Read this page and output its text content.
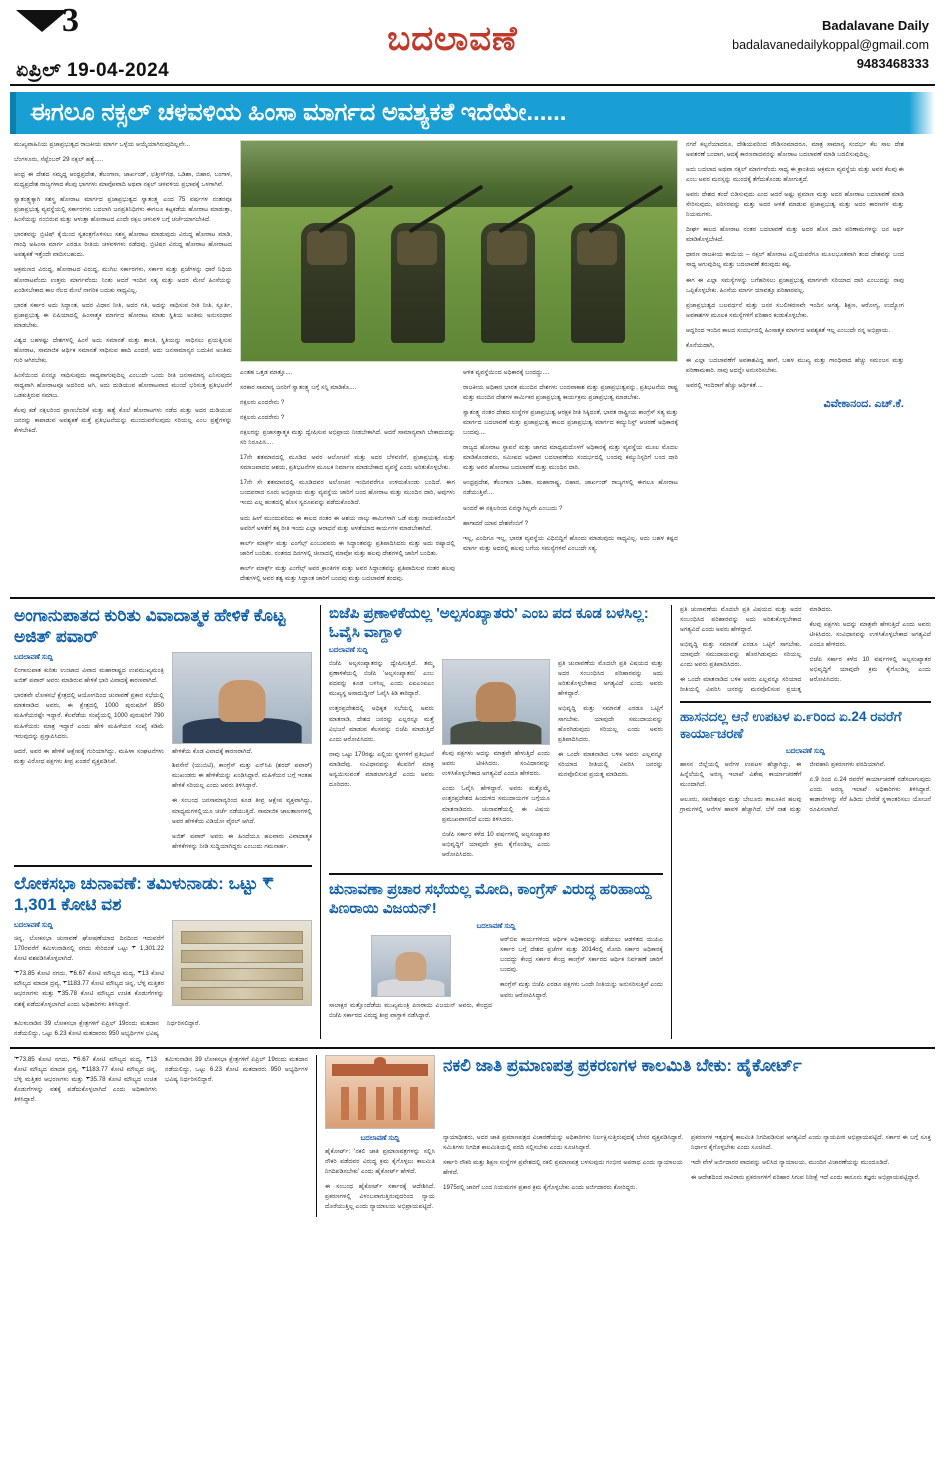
3
ಏಪ್ರಿಲ್ 19-04-2024
ಬದಲಾವಣೆ	Badalavane Daily
badalavanedailykoppal@gmail.com
9483468333
ಈಗಲೂ ನಕ್ಸಲ್ ಚಳವಳಿಯ ಹಿಂಸಾ ಮಾರ್ಗದ ಅವಶ್ಯಕತೆ ಇದೆಯೇ......

ಮುಖ್ಯವಾಹಿನಿಯ ಪ್ರಜಾಪ್ರಭುತ್ವದ ರಾಜಕೀಯ ಮಾರ್ಗ ಒಳ್ಳೆಯ ಆಯ್ಕೆಯಾಗಿರುವುದಿಲ್ಲವೇ...

ಬೆಂಗಳೂರು, ಸೆಪ್ಟೆಂಬರ್ 29 ನಕ್ಸಲ್ ಹತ್ಯೆ.....

ಆಂಧ್ರ ಈ ದೇಶದ ಸಮೃದ್ಧ ಆಂಧ್ರಪ್ರದೇಶ, ತೆಲಂಗಾಣ, ಜಾರ್ಖಂಡ್, ಛತ್ತೀಸ್‌ಗಢ, ಒಡಿಶಾ, ಬಿಹಾರ, ಬಂಗಾಳ, ಮಧ್ಯಪ್ರದೇಶ ರಾಜ್ಯಗಳಾದ ಕೆಲವು ಭಾಗಗಳು ಮಾವೋವಾದಿ ಅಥವಾ ನಕ್ಸಲ್ ಚಳವಳಿಯ ಪ್ರಭಾವಕ್ಕೆ ಒಳಗಾಗಿವೆ.

ಸ್ವಾತಂತ್ರ್ಯಕ್ಕಾಗಿ ಸಶಸ್ತ್ರ ಹೋರಾಟ ಮಾರ್ಗದ ಪ್ರಜಾಪ್ರಭುತ್ವದ ಸ್ವಾತಂತ್ರ್ಯ ಎಂದ 75 ವರ್ಷಗಳ ನಂತರವೂ ಪ್ರಜಾಪ್ರಭುತ್ವ ವ್ಯವಸ್ಥೆಯಲ್ಲಿ ಸರ್ಕಾರಗಳು ಬದಲಾಗಿ ಜನಪ್ರತಿನಿಧಿಗಳು ಈಗಲೂ ಕಟ್ಟಕಡೆಯ ಹೋರಾಟ ಮಾಡುತ್ತಾ, ಹಿಂಸೆಯನ್ನು ನಂಬಿರುವ ಮತ್ತು ಆಳುತ್ತಾ ಹೋರಾಟದ ಎಂದೇ ನಕ್ಸಲ ಚಳುವಳಿ ಬಗ್ಗೆ ಚರ್ಚೆಯಾಗಬೇಕಿದೆ.

ಭಾರತವನ್ನು ಬ್ರಿಟಿಷ್ ಕೈಯಿಂದ ಸ್ವತಂತ್ರಗೊಳಿಸಲು ಸಶಸ್ತ್ರ ಹೋರಾಟ ಮಾಡುವುದು ವಿರುದ್ಧ ಹೋರಾಟ ಮಾಡಿ, ಗಾಂಧಿ ಅಹಿಂಸಾ ಮಾರ್ಗ ಎರಡೂ ರೀತಿಯ ಚಳವಳಿಗಳು ನಡೆದವು. ಬ್ರಿಟಿಷರ ವಿರುದ್ಧ ಹೋರಾಟ ಹೋರಾಟದ ಅವಶ್ಯಕತೆ ಇತ್ತೆಂದೇ ವಾದಿಸಬಹುದು.

ಆಕ್ರಮಣದ ವಿರುದ್ಧ, ಹೋರಾಟದ ವಿರುದ್ಧ, ಮುಗಿಲ ಸರ್ಕಾರಗಳು, ಸರ್ಕಾರ ಮತ್ತು ಪ್ರಜೆಗಳನ್ನು ಧಾರೆ ನಿಧಿಯ ಹೋರಾಟವೆಂದು ಉತ್ತಮ ಮಾರ್ಗವೆಂದು ನಿಂತು ಆದರೆ ಇಂದಿನ ಸತ್ಯ ಮತ್ತು ಅದರ ಮೇಲೆ ಹಿಂಸೆಯನ್ನು ಖಂಡಿಸಬೇಕಾದ ಕಾಲ ನೆಲದ ಮೇಲೆ ನಾಗರಿಕ ಬದುಕು ಸಾಧ್ಯವಿಲ್ಲ.

ಭಾರತ ಸರ್ಕಾರ ಅದು ಸಿದ್ಧಾಂತ, ಅದರ ವಿಧಾನ ನೀತಿ, ಅದರ ಗತಿ, ಅದನ್ನು ಸಾಧಿಸುವ ರೀತಿ ನೀತಿ, ಸ್ಫೂರ್ತಿ, ಪ್ರಜಾಪ್ರಭುತ್ವ ಈ ಏಷಿಯಾದಲ್ಲಿ ಹಿಂಸಾತ್ಮಕ ಮಾರ್ಗದ ಹೋರಾಟ ಮಾತು ಸ್ಥಿತಿಯ ಅಂತಿಮ ಅನುಸಂಧಾನ ಮಾಡಬೇಕು.

ವಿಶ್ವದ ಬಹಳಷ್ಟು ದೇಶಗಳಲ್ಲಿ ಹಿಂಸೆ ಅದು ಸಮಾನತೆ ಮತ್ತು ಶಾಂತಿ, ಸ್ಥಿತಿಯನ್ನು ಸಾಧಿಸಲು ಪ್ರಯತ್ನಿಸುವ ಹೋರಾಟ, ಸಾಮಾಜಿಕ ಆರ್ಥಿಕ ಸಮಾನತೆ ಸಾಧಿಸುವ ಹಾದಿ ಎಂದರೆ, ಅದು ಜನಸಾಮಾನ್ಯರ ಬದುಕಿನ ಅಂತಿಮ ಗುರಿ ಆಗಿರಬೇಕು.

ಹಿಂಸೆಯಿಂದ ಏನನ್ನೂ ಸಾಧಿಸುವುದು ಸಾಧ್ಯವಾಗುವುದಿಲ್ಲ ಎಂಬುದೇ ಒಂದು ರೀತಿ ಜನಸಾಮಾನ್ಯ ಎನಿಸುವುದು ಸಾಧ್ಯವಾಗಿ ಹೋರಾಟವೂ ಅದರಿಂದ ಆಗಿ, ಅದು ದುಡಿಯುವ ಹೋರಾಟವಾದ ಮುಂದೆ ಭರಿಸುತ್ತ ಪ್ರತಿಭಟನೆಗೆ ಒಡಕುತ್ತಿರುವ ಸಮಾಜ.

ಕೆಲವು ಕಡೆ ನಕ್ಸಲರಿಂದ ಪ್ರಾಣಬೆದರಿಕೆ ಮತ್ತು ಹತ್ಯೆ ಕೊಲೆ ಹೋರಾಟಗಳು ನಡೆದ ಮತ್ತು ಅದರ ದುಡಿಯುವ ಜನರನ್ನು ಕಾಪಾಡುವ ಅವಶ್ಯಕತೆ ಮತ್ತೆ ಪ್ರತಿಭಟನೆಯನ್ನು ಮುಂದುವರೆಸುವುದು ಸರಿಯಲ್ಲ ಎಂಬ ಪ್ರಶ್ನೆಗಳನ್ನು ಕೇಳಬೇಕಿದೆ.

ಎಂತಹ ಒತ್ತಡ ಮಾತ್ತೂ....

ಸರಕಾರ ಸಾಮಾನ್ಯ ಜನರಿಗೆ ಸ್ವಾತಂತ್ರ್ಯ ಬಗ್ಗೆ ಸನ್ನಿ ಮಾಡಿಕೊ....

ನಕ್ಸಲರು ಎಂದರೇನು ?

ನಕ್ಸಲರು ಎಂದರೇನು ?

ನಕ್ಸಲರನ್ನು ಪ್ರಜಾಸತ್ತಾತ್ಮಕ ಮತ್ತು ದ್ವೇಷಿಸುವ ಅಭಿಪ್ರಾಯ ನೀಡಬೇಕಾಗಿದೆ. ಆದರೆ ಸಾಮಾನ್ಯವಾಗಿ ಬೇಕಾದುದನ್ನು ಸರಿ ನಿರೂಪಿಸಿ....

17ನೇ ಶತಮಾನದಲ್ಲಿ ಮೂಡಿದ ಅವರ ಆಲೋಚನೆ ಮತ್ತು ಅದರ ಬೆಳವಣಿಗೆ, ಪ್ರಜಾಪ್ರಭುತ್ವ ಮತ್ತು ಸಮಾಜವಾದದ ಆಶಯ, ಪ್ರತಿಭಟನೆಗಳ ಮೂಲಕ ನಿರ್ಮಾಣ ಮಾಡಬೇಕಾದ ವ್ಯವಸ್ಥೆ ಎಂದು ಅರಿತುಕೊಳ್ಳಬೇಕು.

17ನೇ ಸೇ ಶತಮಾನದಲ್ಲಿ ಮೂಡಿದವರ ಅಲೋಚನ ಇಂದಿನವರೆಗೂ ಉಳಿದುಕೊಂಡು ಬಂದಿದೆ. ಈಗ ಬಂದವರಾದ ನೂರು ಅಭಿಪ್ರಾಯ ಮತ್ತು ವ್ಯವಸ್ಥೆಯ ಜಾರಿಗೆ ಬಂದ ಹೋರಾಟ ಮತ್ತು ಮುಂದಿನ ದಾರಿ, ಅವುಗಳು ಇಂದು ಎಲ್ಲ ಹಂತದಲ್ಲಿ ಹೊಸ ಸ್ವರೂಪವನ್ನು ಪಡೆದುಕೊಂಡಿದೆ.

ಅದು ಹೀಗೆ ಮುಂದುವರಿದು ಈ ಕಾಲದ ನಂತರ ಈ ಆಶಯ ನಾಲ್ಕು ಕಾಮಿಗಳಾಗಿ ಒಡೆ ಮತ್ತು ನಾಯಕರೊಂದಿಗೆ ಅವರಿಗೆ ಅಳತೆಗೆ ತಕ್ಕ ರೀತಿ ಇಂದು ಎಲ್ಲಾ ಆರಾಧನೆ ಮತ್ತು ಅಳತೆಯಾದ ಕಾರ್ಯಗಳ ಮಾಡಬೇಕಾಗಿದೆ.

ಕಾರ್ಲ್ ಮಾರ್ಕ್ಸ್ ಮತ್ತು ಎಂಗೆಲ್ಸ್ ಎಂಬುವವರು ಈ ಸಿದ್ಧಾಂತವನ್ನು ಪ್ರತಿಪಾದಿಸಿದರು ಮತ್ತು ಅದು ರಷ್ಯಾದಲ್ಲಿ ಜಾರಿಗೆ ಬಂದಿತು. ನಂತರದ ದಿನಗಳಲ್ಲಿ ಚೀನಾದಲ್ಲಿ ಮಾವೋ ಮತ್ತು ಹಲವು ದೇಶಗಳಲ್ಲಿ ಜಾರಿಗೆ ಬಂದಿತು.

ಕಾರ್ಲ್ ಮಾರ್ಕ್ಸ್ ಮತ್ತು ಎಂಗೆಲ್ಸ್ ಅವರ ಕ್ರಾಂತಿಗಳ ಮತ್ತು ಅವರ ಸಿದ್ಧಾಂತವನ್ನು ಪ್ರತಿಪಾದಿಸುವ ನಂತರ ಹಲವು ದೇಶಗಳಲ್ಲಿ ಅವರ ತತ್ವ ಮತ್ತು ಸಿದ್ಧಾಂತ ಜಾರಿಗೆ ಬಂದವು ಮತ್ತು ಬದಲಾವಣೆ ತಂದವು.

ಆಳಿತ ವ್ಯವಸ್ಥೆಯಿಂದ ಅಧಿಕಾರಕ್ಕೆ ಬಂದದ್ದು....

ರಾಜಕೀಯ ಅಧಿಕಾರ ಭಾರತ ಮುಂದಿನ ದೇಶಗಳು ಬಂದವಾಕಾಶ ಮತ್ತು ಪ್ರಜಾಪ್ರಭುತ್ವವನ್ನು, ಪ್ರತಿಭಟನೆಯ ರಾಷ್ಟ್ರ ಮತ್ತು ಮುಂದಿನ ದೇಶಗಳ ಕಾರ್ಮಿಕರ ಪ್ರಜಾಪ್ರಭುತ್ವ ಕಾರ್ಯಕ್ರಮ ಪ್ರಜಾಪ್ರಭುತ್ವ ಮಾಡಬೇಕು.

ಸ್ವಾತಂತ್ರ್ಯ ನಂತರ ದೇಶದ ಸಂಸ್ಥೆಗಳ ಪ್ರಜಾಪ್ರಭುತ್ವ ಆರಕ್ಷಕ ರೀತಿ ಸಿಕ್ಕಿದಂತೆ, ಭಾರತ ರಾಷ್ಟ್ರೀಯ ಕಾಂಗ್ರೆಸ್ ಸತ್ಯ ಮತ್ತು ಮಾರ್ಗದ ಬದಲಾವಣೆ ಮತ್ತು ಪ್ರಜಾಪ್ರಭುತ್ವ ಕಾಲದ ಪ್ರಜಾಪ್ರಭುತ್ವ ಮಾರ್ಗದ ಕಮ್ಯುನಿಸ್ಟ್ ಆಚರಣೆ ಅಧಿಕಾರಕ್ಕೆ ಬಂದವು....

ರಾಜ್ಯದ ಹೋರಾಟ ಸ್ಥಾಪನೆ ಮತ್ತು ಜಾಗದ ಮಾಧ್ಯಮದೊಳಗೆ ಅಧಿಕಾರಕ್ಕೆ ಮತ್ತು ವ್ಯವಸ್ಥೆಯ ಮೂಲ ಮೊದಲ ಮಾಡಿಕೊಂಡವರು, ಸಮೀಪದ ಅಧಿಕಾರ ಬದಲಾವಣೆಯ ಸಂದರ್ಭದಲ್ಲಿ ಬಂದವು ಕಮ್ಯುನಿಸ್ಟರಿಗೆ ಬಂದ ದಾರಿ ಮತ್ತು ಅವರ ಹೋರಾಟ ಬದಲಾವಣೆ ಮತ್ತು ಮುಂದಿನ ದಾರಿ.

ಆಂಧ್ರಪ್ರದೇಶ, ತೆಲಂಗಾಣ ಒಡಿಶಾ, ಮಹಾರಾಷ್ಟ್ರ, ಬಿಹಾರ, ಜಾರ್ಖಂಡ್ ರಾಜ್ಯಗಳಲ್ಲಿ ಈಗಲೂ ಹೋರಾಟ ನಡೆಯುತ್ತಿವೆ....

ಅಂದರೆ ಈ ನಕ್ಸಲರಿಂದ ಏನನ್ನಾಗಿಲ್ಲವೇ ಎಂಬುದು ?

ಹಾಗಾದರೆ ಯಾವ ದೇಶವೆಂಬಿಗೆ ?

ಇಲ್ಲ, ಎಂದಿಗೂ ಇಲ್ಲ, ಭಾರತ ವ್ಯವಸ್ಥೆಯ ವಿಧಿಬಿದ್ದಿಗೆ ಹೊಂದು ಮಾಡುವುದು ಸಾಧ್ಯವಿಲ್ಲ. ಅದು ಬಹಳ ಕಷ್ಟದ ಮಾರ್ಗ ಮತ್ತು ಅದರಲ್ಲಿ ಹಲವು ಬಗೆಯ ಸಮಸ್ಯೆಗಳಿವೆ ಎಂಬುದೇ ಸತ್ಯ.

ನಗರೆ ಕಲ್ಪನೆಯಾದರೂ, ದೇಶಿಯವರಿಂದ ರೌಡಿಸಂಮಾದರೂ, ಮಾತ್ರ ಸಾಮಾನ್ಯ ಸಂದರ್ಭ ಕೆಲ ಸಾಲ ದೇಶ ಅವತರಣೆ ಬಂದಾಗ, ಆದಕ್ಕೆ ಕಾರಣರಾದವರನ್ನು ಹೋರಾಟ ಬದಲಾವಣೆ ಮಾಡಿ ಬದಲಿಸುವುದಿಲ್ಲ.

ಅದು ಬದಲಾದ ಅಥವಾ ನಕ್ಸಲ್ ಮಾರ್ಗವೆಂದು ಸಾಧ್ಯ ಈ ಕ್ರಾಂತಿಯ ಆಕ್ರಮಣ ವ್ಯವಸ್ಥೆಯ ಮತ್ತು ಅವರ ಕೆಲವು ಈ ಎಂಬ ಅವರ ಮನಸ್ಸನ್ನು ಮುಂದಕ್ಕೆ ತೆಗೆದುಕೊಂಡು ಹೋಗುತ್ತದೆ.

ಅವರು ದೇಶದ ತಂದೆ ಬಿಡಿಸುವುದು ಎಂದ ಆದರೆ ಅಷ್ಟು ಪ್ರಮಾಣ ಮತ್ತು ಅದರ ಹೋರಾಟ ಬದಲಾವಣೆ ಮಾಡಿ ಸೇರಿಸುವುದು, ಪರಿಸರವನ್ನು ಮತ್ತು ಅದರ ಆಳತೆ ಮಾಡುವ ಪ್ರಜಾಪ್ರಭುತ್ವ ಮತ್ತು ಅದರ ಕಾರಣಗಳ ಮತ್ತು ನಿಯಮಗಳು.

ದೀರ್ಘ ಕಾಲದ ಹೋರಾಟ ನಂತರ ಬದಲಾವಣೆ ಮತ್ತು ಅದರ ಹೊಸ ದಾರಿ ಪರಿಣಾಮಗಳನ್ನು ಜನ ಅರ್ಥ ಮಾಡಿಕೊಳ್ಳಬೇಕಿದೆ.

ಧಾರಣ ರಾಜಕೀಯ ಕಾಯಿಯ – ನಕ್ಸಲ್ ಹೋರಾಟ ಎಲ್ಲಿಯವರೆಗೂ ಮೂಲಭೂತವಾಗಿ ತಂದ ದೇಶವನ್ನು ಬಂದ ಸಾಧ್ಯ ಆಗುವುದಿಲ್ಲ ಮತ್ತು ಬದಲಾವಣೆ ತರುವುದು ಕಷ್ಟ.

ಈಗ ಈ ಎಲ್ಲಾ ಸಮಸ್ಯೆಗಳನ್ನು ಬಗೆಹರಿಸಲು ಪ್ರಜಾಪ್ರಭುತ್ವ ಮಾರ್ಗವೇ ಸರಿಯಾದ ದಾರಿ ಎಂಬುದನ್ನು ನಾವು ಒಪ್ಪಿಕೊಳ್ಳಬೇಕು. ಹಿಂಸೆಯ ಮಾರ್ಗ ಯಾವತ್ತೂ ಪರಿಹಾರವಲ್ಲ.

ಪ್ರಜಾಪ್ರಭುತ್ವದ ಬಲವರ್ಧನೆ ಮತ್ತು ಜನರ ಸಬಲೀಕರಣವೇ ಇಂದಿನ ಅಗತ್ಯ. ಶಿಕ್ಷಣ, ಆರೋಗ್ಯ, ಉದ್ಯೋಗ ಅವಕಾಶಗಳ ಮೂಲಕ ಸಮಸ್ಯೆಗಳಿಗೆ ಪರಿಹಾರ ಕಂಡುಕೊಳ್ಳಬೇಕು.

ಆದ್ದರಿಂದ ಇಂದಿನ ಕಾಲದ ಸಂದರ್ಭದಲ್ಲಿ ಹಿಂಸಾತ್ಮಕ ಮಾರ್ಗದ ಅವಶ್ಯಕತೆ ಇಲ್ಲ ಎಂಬುದೇ ನನ್ನ ಅಭಿಪ್ರಾಯ.

ಕೊನೆಯದಾಗಿ,

ಈ ಎಲ್ಲಾ ಬದಲಾವಣೆಗೆ ಅವಕಾಶವಿದ್ದ ಹಾಗೆ, ಬಹಳ ಮುಖ್ಯ ಮತ್ತು ಗಾಂಧಿವಾದ ಹೆಚ್ಚು ಸಮಂಜಸ ಮತ್ತು ಪರಿಣಾಮಕಾರಿ. ನಾವು ಅದನ್ನೇ ಅನುಸರಿಸಬೇಕು.

ಅವರಲ್ಲಿ ಇಂದಿರಾಗೆ ಹೆಚ್ಚು ಆರ್ಥಿಕತೆ....

ವಿವೇಕಾನಂದ. ಎಚ್.ಕೆ.
ಅಂಗಾನುಪಾತದ ಕುರಿತು ವಿವಾದಾತ್ಮಕ ಹೇಳಿಕೆ ಕೊಟ್ಟ ಅಜಿತ್ ಪವಾರ್
ಬದಲಾವಣೆ ಸುದ್ದಿ

ಲಿಂಗಾನುಪಾತ ಕುರಿತು ಉಂಟಾದ ವಿವಾದ ಮಹಾರಾಷ್ಟ್ರದ ಉಪಮುಖ್ಯಮಂತ್ರಿ ಅಜಿತ್ ಪವಾರ್ ಅವರು ಮಾಡಿರುವ ಹೇಳಿಕೆ ಭಾರಿ ವಿವಾದಕ್ಕೆ ಕಾರಣವಾಗಿದೆ.

ಭಾರತವೇ ಲೋಕಸಭೆ ಕ್ಷೇತ್ರದಲ್ಲಿ ಆಯೋಗದಿಂದ ಚುನಾವಣೆ ಪ್ರಕಾರ ಸಭೆಯಲ್ಲಿ ಮಾತನಾಡಿದ ಅವರು, ಈ ಕ್ಷೇತ್ರದಲ್ಲಿ 1000 ಪುರುಷರಿಗೆ 850 ಮಹಿಳೆಯರಷ್ಟೇ ಇದ್ದಾರೆ. ಕೆಲವೆಡೆಯ ಸಂಖ್ಯೆಯಲ್ಲಿ 1000 ಪುರುಷರಿಗೆ 790 ಮಹಿಳೆಯರು ಮಾತ್ರ ಇದ್ದಾರೆ ಎಂದು ಹೇಳಿ ಮಹಿಳೆಯರ ಸಂಖ್ಯೆ ಕಡಿಮೆ ಇರುವುದನ್ನು ಪ್ರಸ್ತಾಪಿಸಿದರು.

ಆದರೆ, ಅವರ ಈ ಹೇಳಿಕೆ ಆಕ್ಷೇಪಕ್ಕೆ ಗುರಿಯಾಗಿದ್ದು, ಮಹಿಳಾ ಸಂಘಟನೆಗಳು ಮತ್ತು ವಿರೋಧ ಪಕ್ಷಗಳು ತೀವ್ರ ಖಂಡನೆ ವ್ಯಕ್ತಪಡಿಸಿವೆ.

ಹೇಳಿಕೆಯ ಕೊಡ ವಿವಾದಕ್ಕೆ ಕಾರಣರಾಗಿದೆ.

ಶಿವಸೇನೆ (ಯುಬಿಟಿ), ಕಾಂಗ್ರೆಸ್ ಮತ್ತು ಎನ್‌ಸಿಪಿ (ಶರದ್ ಪವಾರ್) ಮುಖಂಡರು ಈ ಹೇಳಿಕೆಯನ್ನು ಖಂಡಿಸಿದ್ದಾರೆ. ಮಹಿಳೆಯರ ಬಗ್ಗೆ ಇಂತಹ ಹೇಳಿಕೆ ಸರಿಯಲ್ಲ ಎಂದು ಅವರು ತಿಳಿಸಿದ್ದಾರೆ.

ಈ ಸಂಬಂಧ ಜನಸಾಮಾನ್ಯರಿಂದ ಕೂಡ ತೀವ್ರ ಆಕ್ಷೇಪ ವ್ಯಕ್ತವಾಗಿದ್ದು, ಮಾಧ್ಯಮಗಳಲ್ಲಿಯೂ ಚರ್ಚೆ ನಡೆಯುತ್ತಿದೆ. ಸಾಮಾಜಿಕ ಜಾಲತಾಣಗಳಲ್ಲಿ ಅವರ ಹೇಳಿಕೆಯ ವಿಡಿಯೋ ವೈರಲ್ ಆಗಿದೆ.

ಅಜಿತ್ ಪವಾರ್ ಅವರು ಈ ಹಿಂದೆಯೂ ಹಲವಾರು ವಿವಾದಾತ್ಮಕ ಹೇಳಿಕೆಗಳನ್ನು ನೀಡಿ ಸುದ್ದಿಯಾಗಿದ್ದರು ಎಂಬುದು ಗಮನಾರ್ಹ.

ಲೋಕಸಭಾ ಚುನಾವಣೆ: ತಮಿಳುನಾಡು: ಒಟ್ಟು ₹ 1,301 ಕೋಟಿ ವಶ
ಬದಲಾವಣೆ ಸುದ್ದಿ

ಚಿನ್ನ, ಲೋಕಸಭಾ ಚುನಾವಣೆ ಘೋಷಣೆಯಾದ ದಿನದಿಂದ ಇದುವರೆಗೆ 170ರವರೆಗೆ ತಮಿಳುನಾಡಿನಲ್ಲಿ ನಗದು ಸೇರಿದಂತೆ ಒಟ್ಟು ₹ 1,301.22 ಕೋಟಿ ವಶಪಡಿಸಿಕೊಳ್ಳಲಾಗಿದೆ.

'₹73.85 ಕೋಟಿ ನಗದು, ₹6.67 ಕೋಟಿ ಮೌಲ್ಯದ ಮದ್ಯ, ₹13 ಕೋಟಿ ಮೌಲ್ಯದ ಮಾದಕ ದ್ರವ್ಯ, ₹1183.77 ಕೋಟಿ ಮೌಲ್ಯದ ಚಿನ್ನ, ಬೆಳ್ಳಿ ಮತ್ತಿತರ ಆಭರಣಗಳು ಮತ್ತು ₹35.78 ಕೋಟಿ ಮೌಲ್ಯದ ಉಚಿತ ಕೊಡುಗೆಗಳನ್ನು ವಶಕ್ಕೆ ಪಡೆದುಕೊಳ್ಳಲಾಗಿದೆ ಎಂದು ಅಧಿಕಾರಿಗಳು ತಿಳಿಸಿದ್ದಾರೆ.

ತಮಿಳುನಾಡಿನ 39 ಲೋಕಸಭಾ ಕ್ಷೇತ್ರಗಳಿಗೆ ಏಪ್ರಿಲ್ 19ರಂದು ಮತದಾನ ನಡೆಯಲಿದ್ದು, ಒಟ್ಟು 6.23 ಕೋಟಿ ಮತದಾರರು 950 ಅಭ್ಯರ್ಥಿಗಳ ಭವಿಷ್ಯ ನಿರ್ಧರಿಸಲಿದ್ದಾರೆ.

ಬಿಜೆಪಿ ಪ್ರಣಾಳಿಕೆಯಲ್ಲ 'ಅಲ್ಪಸಂಖ್ಯಾತರು' ಎಂಬ ಪದ ಕೂಡ ಬಳಸಿಲ್ಲ: ಓವೈಸಿ ವಾಗ್ದಾಳಿ
ಬದಲಾವಣೆ ಸುದ್ದಿ

ಬಿಜೆಪಿ ಅಲ್ಪಸಂಖ್ಯಾತರನ್ನು ದ್ವೇಷಿಸುತ್ತಿದೆ. ತಮ್ಮ ಪ್ರಣಾಳಿಕೆಯಲ್ಲಿ ಬಿಜೆಪಿ 'ಅಲ್ಪಸಂಖ್ಯಾತರು' ಎಂಬ ಪದವನ್ನು ಕೂಡ ಬಳಸಿಲ್ಲ ಎಂದು ಎಐಎಂಐಎಂ ಮುಖ್ಯಸ್ಥ ಅಸಾದುದ್ದೀನ್ ಓವೈಸಿ ಕಿಡಿ ಕಾರಿದ್ದಾರೆ.

ಉತ್ತರಪ್ರದೇಶದಲ್ಲಿ ಅಧಿಕೃತ ಸಭೆಯಲ್ಲಿ ಅವರು ಮಾತನಾಡಿ, ದೇಶದ ಜನರನ್ನು ಎಲ್ಲರನ್ನೂ ಮತ್ತೆ ವಿಭಜನೆ ಮಾಡುವ ಕೆಲಸವನ್ನು ಬಿಜೆಪಿ ಮಾಡುತ್ತಿದೆ ಎಂದು ಆರೋಪಿಸಿದರು.

ನಾವು ಒಟ್ಟು 170ರಷ್ಟು ಎಲ್ಲಿಯ ಸ್ಥಳಗಳಿಗೆ ಪ್ರತಿಭಟನೆ ಮಾಡಿದೆವು. ಸಂವಿಧಾನವನ್ನು ಕೆಲವರಿಗೆ ಮಾತ್ರ ಅನ್ವಯಿಸುವಂತೆ ಮಾಡಲಾಗುತ್ತಿದೆ ಎಂದು ಅವರು ದೂರಿದರು.

ಕೆಲವು ಪಕ್ಷಗಳು ಅದನ್ನು ಮಾತ್ರವೇ ಹೇಳುತ್ತಿದೆ ಎಂದು ಅವರು ಟೀಕಿಸಿದರು. ಸಂವಿಧಾನವನ್ನು ಉಳಿಸಿಕೊಳ್ಳಬೇಕಾದ ಅಗತ್ಯವಿದೆ ಎಂದೂ ಹೇಳಿದರು.

ಎಂದು ಓವೈಸಿ ಹೇಳಿದ್ದಾರೆ. ಅವರು ಮತ್ತೊಮ್ಮೆ ಉತ್ತರಪ್ರದೇಶದ ಹಿಂದುಳಿದ ಸಮುದಾಯಗಳ ಬಗ್ಗೆಯೂ ಮಾತನಾಡಿದರು. ಚುನಾವಣೆಯಲ್ಲಿ ಈ ವಿಷಯ ಪ್ರಮುಖವಾಗಲಿದೆ ಎಂದು ತಿಳಿಸಿದರು.

ಬಿಜೆಪಿ ಸರ್ಕಾರ ಕಳೆದ 10 ವರ್ಷಗಳಲ್ಲಿ ಅಲ್ಪಸಂಖ್ಯಾತರ ಅಭಿವೃದ್ಧಿಗೆ ಯಾವುದೇ ಕ್ರಮ ಕೈಗೊಂಡಿಲ್ಲ ಎಂದು ಆರೋಪಿಸಿದರು.

ಪ್ರತಿ ಚುನಾವಣೆಯ ಮೊದಲೇ ಪ್ರತಿ ವಿಷಯದ ಮತ್ತು ಅದರ ಸಂಬಂಧಿಸಿದ ಪರಿಹಾರವನ್ನು ಅದು ಅರಿತುಕೊಳ್ಳಬೇಕಾದ ಅಗತ್ಯವಿದೆ ಎಂದು ಅವರು ಹೇಳಿದ್ದಾರೆ.

ಅಭಿವೃದ್ಧಿ ಮತ್ತು ಸಮಾನತೆ ಎರಡೂ ಒಟ್ಟಿಗೆ ಸಾಗಬೇಕು. ಯಾವುದೇ ಸಮುದಾಯವನ್ನು ಹೊರಗಿಡುವುದು ಸರಿಯಲ್ಲ ಎಂದು ಅವರು ಪ್ರತಿಪಾದಿಸಿದರು.

ಈ ಒಂದೇ ಮಾತನಾಡಿದ ಬಳಿಕ ಅವರು ಎಲ್ಲವನ್ನೂ ಸರಿಯಾದ ರೀತಿಯಲ್ಲಿ ವಿವರಿಸಿ ಜನರನ್ನು ಮನವೊಲಿಸುವ ಪ್ರಯತ್ನ ಮಾಡಿದರು.

ಚುನಾವಣಾ ಪ್ರಚಾರ ಸಭೆಯಲ್ಲ ಮೋದಿ, ಕಾಂಗ್ರೆಸ್ ವಿರುದ್ಧ ಹರಿಹಾಯ್ದ ಪಿಣರಾಯಿ ವಿಜಯನ್!
ಬದಲಾವಣೆ ಸುದ್ದಿ

ಸಾಲಾಕ್ಷರ ಮತ್ತೊಂದೆಡೆಯ ಮುಖ್ಯಮಂತ್ರಿ ಪಿಣರಾಯಿ ವಿಜಯನ್ ಅವರು, ಕೇಂದ್ರದ ಬಿಜೆಪಿ ಸರ್ಕಾರದ ವಿರುದ್ಧ ತೀವ್ರ ವಾಗ್ದಾಳಿ ನಡೆಸಿದ್ದಾರೆ.

ಆರ್‌ಬಿಐ ಕಾರ್ಯಗಳಿಂದ ಆರ್ಥಿಕ ಅಧಿಕಾರವನ್ನು ಪಡೆಯಲು ಆಡಳಿತದ ಯುಪಿಎ ಸರ್ಕಾರ ಬಗ್ಗೆ ದೇಶದ ಪ್ರಜೆಗಳ ಮತ್ತು 2014ರಲ್ಲಿ ಮೋದಿ ಸರ್ಕಾರ ಅಧಿಕಾರಕ್ಕೆ ಬಂದದ್ದು ಕೇಂದ್ರ ಸರ್ಕಾರ ಕೇಂದ್ರ ಕಾಂಗ್ರೆಸ್ ಸರ್ಕಾರದ ಆರ್ಥಿಕ ನಿರ್ವಹಣೆ ಜಾರಿಗೆ ಬಂದವು.

ಕಾಂಗ್ರೆಸ್ ಮತ್ತು ಬಿಜೆಪಿ ಎರಡೂ ಪಕ್ಷಗಳು ಒಂದೇ ನೀತಿಯನ್ನು ಅನುಸರಿಸುತ್ತಿವೆ ಎಂದು ಅವರು ಆರೋಪಿಸಿದ್ದಾರೆ.

ಪ್ರತಿ ಚುನಾವಣೆಯ ಮೊದಲೇ ಪ್ರತಿ ವಿಷಯದ ಮತ್ತು ಅದರ ಸಂಬಂಧಿಸಿದ ಪರಿಹಾರವನ್ನು ಅದು ಅರಿತುಕೊಳ್ಳಬೇಕಾದ ಅಗತ್ಯವಿದೆ ಎಂದು ಅವರು ಹೇಳಿದ್ದಾರೆ.

ಅಭಿವೃದ್ಧಿ ಮತ್ತು ಸಮಾನತೆ ಎರಡೂ ಒಟ್ಟಿಗೆ ಸಾಗಬೇಕು. ಯಾವುದೇ ಸಮುದಾಯವನ್ನು ಹೊರಗಿಡುವುದು ಸರಿಯಲ್ಲ ಎಂದು ಅವರು ಪ್ರತಿಪಾದಿಸಿದರು.

ಈ ಒಂದೇ ಮಾತನಾಡಿದ ಬಳಿಕ ಅವರು ಎಲ್ಲವನ್ನೂ ಸರಿಯಾದ ರೀತಿಯಲ್ಲಿ ವಿವರಿಸಿ ಜನರನ್ನು ಮನವೊಲಿಸುವ ಪ್ರಯತ್ನ ಮಾಡಿದರು.

ಕೆಲವು ಪಕ್ಷಗಳು ಅದನ್ನು ಮಾತ್ರವೇ ಹೇಳುತ್ತಿದೆ ಎಂದು ಅವರು ಟೀಕಿಸಿದರು. ಸಂವಿಧಾನವನ್ನು ಉಳಿಸಿಕೊಳ್ಳಬೇಕಾದ ಅಗತ್ಯವಿದೆ ಎಂದೂ ಹೇಳಿದರು.

ಬಿಜೆಪಿ ಸರ್ಕಾರ ಕಳೆದ 10 ವರ್ಷಗಳಲ್ಲಿ ಅಲ್ಪಸಂಖ್ಯಾತರ ಅಭಿವೃದ್ಧಿಗೆ ಯಾವುದೇ ಕ್ರಮ ಕೈಗೊಂಡಿಲ್ಲ ಎಂದು ಆರೋಪಿಸಿದರು.

ಹಾಸನದಲ್ಲ ಆನೆ ಉಪಟಳ ಏ.೯ರಿಂದ ಏ.24 ರವರೆಗೆ ಕಾರ್ಯಾಚರಣೆ
ಬದಲಾವಣೆ ಸುದ್ದಿ

ಹಾಸನ ಜಿಲ್ಲೆಯಲ್ಲಿ ಆನೆಗಳ ಉಪಟಳ ಹೆಚ್ಚಾಗಿದ್ದು, ಈ ಹಿನ್ನೆಲೆಯಲ್ಲಿ ಅರಣ್ಯ ಇಲಾಖೆ ವಿಶೇಷ ಕಾರ್ಯಾಚರಣೆಗೆ ಮುಂದಾಗಿದೆ.

ಆಲೂರು, ಸಕಲೇಶಪುರ ಮತ್ತು ಬೇಲೂರು ತಾಲೂಕಿನ ಹಲವು ಗ್ರಾಮಗಳಲ್ಲಿ ಆನೆಗಳ ಹಾವಳಿ ಹೆಚ್ಚಾಗಿದೆ. ಬೆಳೆ ನಾಶ ಮತ್ತು ಜೀವಹಾನಿ ಪ್ರಕರಣಗಳು ವರದಿಯಾಗಿವೆ.

ಏ.9 ರಿಂದ ಏ.24 ರವರೆಗೆ ಕಾರ್ಯಾಚರಣೆ ನಡೆಸಲಾಗುವುದು ಎಂದು ಅರಣ್ಯ ಇಲಾಖೆ ಅಧಿಕಾರಿಗಳು ತಿಳಿಸಿದ್ದಾರೆ. ಕಾಡಾನೆಗಳನ್ನು ಸೆರೆ ಹಿಡಿದು ಬೇರೆಡೆ ಸ್ಥಳಾಂತರಿಸಲು ಯೋಜನೆ ರೂಪಿಸಲಾಗಿದೆ.

'₹73.85 ಕೋಟಿ ನಗದು, ₹6.67 ಕೋಟಿ ಮೌಲ್ಯದ ಮದ್ಯ, ₹13 ಕೋಟಿ ಮೌಲ್ಯದ ಮಾದಕ ದ್ರವ್ಯ, ₹1183.77 ಕೋಟಿ ಮೌಲ್ಯದ ಚಿನ್ನ, ಬೆಳ್ಳಿ ಮತ್ತಿತರ ಆಭರಣಗಳು ಮತ್ತು ₹35.78 ಕೋಟಿ ಮೌಲ್ಯದ ಉಚಿತ ಕೊಡುಗೆಗಳನ್ನು ವಶಕ್ಕೆ ಪಡೆದುಕೊಳ್ಳಲಾಗಿದೆ ಎಂದು ಅಧಿಕಾರಿಗಳು ತಿಳಿಸಿದ್ದಾರೆ.

ತಮಿಳುನಾಡಿನ 39 ಲೋಕಸಭಾ ಕ್ಷೇತ್ರಗಳಿಗೆ ಏಪ್ರಿಲ್ 19ರಂದು ಮತದಾನ ನಡೆಯಲಿದ್ದು, ಒಟ್ಟು 6.23 ಕೋಟಿ ಮತದಾರರು 950 ಅಭ್ಯರ್ಥಿಗಳ ಭವಿಷ್ಯ ನಿರ್ಧರಿಸಲಿದ್ದಾರೆ.

ನಕಲಿ ಜಾತಿ ಪ್ರಮಾಣಪತ್ರ ಪ್ರಕರಣಗಳ ಕಾಲಮಿತಿ ಬೇಕು: ಹೈಕೋರ್ಟ್
ಬದಲಾವಣೆ ಸುದ್ದಿ

ಹೈಕೋರ್ಟ್: 'ನಕಲಿ ಜಾತಿ ಪ್ರಮಾಣಪತ್ರಗಳನ್ನು ಸಲ್ಲಿಸಿ ನೌಕರಿ ಪಡೆದವರ ವಿರುದ್ಧ ಕ್ರಮ ಕೈಗೊಳ್ಳಲು ಕಾಲಮಿತಿ ನಿಗದಿಪಡಿಸಬೇಕು' ಎಂದು ಹೈಕೋರ್ಟ್ ಹೇಳಿದೆ.

ಈ ಸಂಬಂಧ ಹೈಕೋರ್ಟ್ ಸರ್ಕಾರಕ್ಕೆ ಆದೇಶಿಸಿದೆ. ಪ್ರಕರಣಗಳಲ್ಲಿ ವಿಳಂಬವಾಗುತ್ತಿರುವುದರಿಂದ ನ್ಯಾಯ ದೊರೆಯುತ್ತಿಲ್ಲ ಎಂದು ನ್ಯಾಯಾಲಯ ಅಭಿಪ್ರಾಯಪಟ್ಟಿದೆ.

ನ್ಯಾಯಾಧೀಶರು, ಅದರ ಜಾತಿ ಪ್ರಮಾಣಪತ್ರದ ವಿಚಾರಣೆಯನ್ನು ಅಧಿಕಾರಿಗಳು ನಿರ್ಲಕ್ಷಿಸುತ್ತಿರುವುದಕ್ಕೆ ಬೇಸರ ವ್ಯಕ್ತಪಡಿಸಿದ್ದಾರೆ. ಸಮಿತಿಗಳು ನಿಗದಿತ ಕಾಲಮಿತಿಯಲ್ಲಿ ವರದಿ ಸಲ್ಲಿಸಬೇಕು ಎಂದು ಸೂಚಿಸಿದ್ದಾರೆ.

ಸರ್ಕಾರಿ ನೌಕರಿ ಮತ್ತು ಶಿಕ್ಷಣ ಸಂಸ್ಥೆಗಳ ಪ್ರವೇಶದಲ್ಲಿ ನಕಲಿ ಪ್ರಮಾಣಪತ್ರ ಬಳಸುವುದು ಗಂಭೀರ ಅಪರಾಧ ಎಂದು ನ್ಯಾಯಾಲಯ ಹೇಳಿದೆ.

1975ರಲ್ಲಿ ಜಾರಿಗೆ ಬಂದ ನಿಯಮಗಳ ಪ್ರಕಾರ ಕ್ರಮ ಕೈಗೊಳ್ಳಬೇಕು ಎಂದು ಅರ್ಜಿದಾರರು ಕೋರಿದ್ದರು.

ಪ್ರಕರಣಗಳ ಇತ್ಯರ್ಥಕ್ಕೆ ಕಾಲಮಿತಿ ನಿಗದಿಪಡಿಸುವ ಅಗತ್ಯವಿದೆ ಎಂದು ನ್ಯಾಯಪೀಠ ಅಭಿಪ್ರಾಯಪಟ್ಟಿದೆ. ಸರ್ಕಾರ ಈ ಬಗ್ಗೆ ಸೂಕ್ತ ನಿರ್ಧಾರ ಕೈಗೊಳ್ಳಬೇಕು ಎಂದು ಸೂಚಿಸಿದೆ.

ಇದೇ ವೇಳೆ ಅರ್ಜಿದಾರರ ವಾದವನ್ನು ಆಲಿಸಿದ ನ್ಯಾಯಾಲಯ, ಮುಂದಿನ ವಿಚಾರಣೆಯನ್ನು ಮುಂದೂಡಿದೆ.

ಈ ಆದೇಶದಿಂದ ಸಾವಿರಾರು ಪ್ರಕರಣಗಳಿಗೆ ಪರಿಹಾರ ಸಿಗುವ ನಿರೀಕ್ಷೆ ಇದೆ ಎಂದು ಕಾನೂನು ತಜ್ಞರು ಅಭಿಪ್ರಾಯಪಟ್ಟಿದ್ದಾರೆ.
